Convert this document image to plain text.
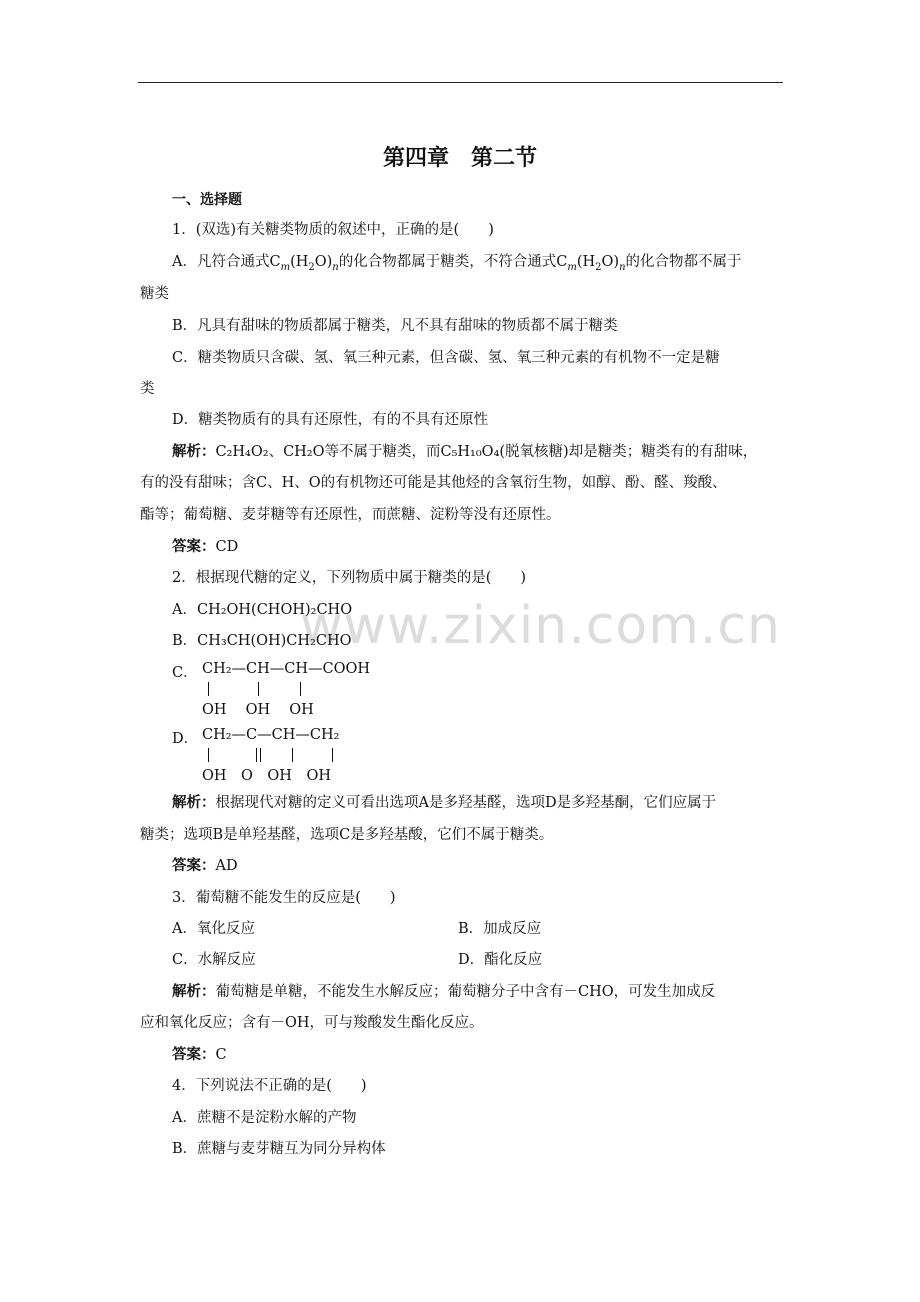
www.zixin.com.cn
第四章　第二节
一、选择题
1．(双选)有关糖类物质的叙述中，正确的是(　　)
A．凡符合通式$C_m(H_2O)_n$的化合物都属于糖类，不符合通式$C_m(H_2O)_n$的化合物都不属于
糖类
B．凡具有甜味的物质都属于糖类，凡不具有甜味的物质都不属于糖类
C．糖类物质只含碳、氢、氧三种元素，但含碳、氢、氧三种元素的有机物不一定是糖
类
D．糖类物质有的具有还原性，有的不具有还原性
解析：C₂H₄O₂、CH₂O等不属于糖类，而C₅H₁₀O₄(脱氧核糖)却是糖类；糖类有的有甜味，
有的没有甜味；含C、H、O的有机物还可能是其他烃的含氧衍生物，如醇、酚、醛、羧酸、
酯等；葡萄糖、麦芽糖等有还原性，而蔗糖、淀粉等没有还原性。
答案：CD
2．根据现代糖的定义，下列物质中属于糖类的是(　　)
A．CH₂OH(CHOH)₂CHO
B．CH₃CH(OH)CH₂CHO
C． CH₂—CH—CH—COOH
OH　 OH　 OH
D． CH₂—C—CH—CH₂
OH　O　OH　OH
解析：根据现代对糖的定义可看出选项A是多羟基醛，选项D是多羟基酮，它们应属于
糖类；选项B是单羟基醛，选项C是多羟基酸，它们不属于糖类。
答案：AD
3．葡萄糖不能发生的反应是(　　)
A．氧化反应	B．加成反应
C．水解反应	D．酯化反应
解析：葡萄糖是单糖，不能发生水解反应；葡萄糖分子中含有－CHO，可发生加成反
应和氧化反应；含有－OH，可与羧酸发生酯化反应。
答案：C
4．下列说法不正确的是(　　)
A．蔗糖不是淀粉水解的产物
B．蔗糖与麦芽糖互为同分异构体
